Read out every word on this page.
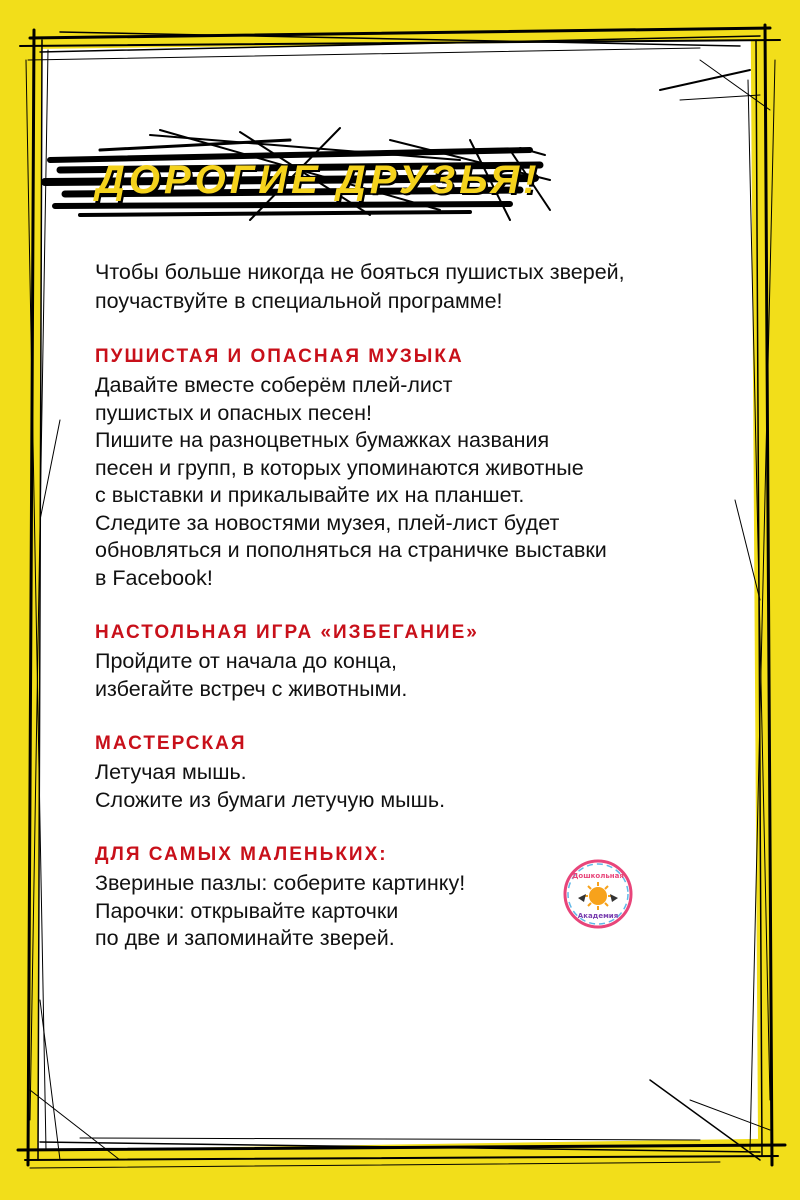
ДОРОГИЕ ДРУЗЬЯ!

Чтобы больше никогда не бояться пушистых зверей, поучаствуйте в специальной программе!

ПУШИСТАЯ И ОПАСНАЯ МУЗЫКА

Давайте вместе соберём плей-лист
пушистых и опасных песен!
Пишите на разноцветных бумажках названия
песен и групп, в которых упоминаются животные
с выставки и прикалывайте их на планшет.
Следите за новостями музея, плей-лист будет
обновляться и пополняться на страничке выставки
в Facebook!

НАСТОЛЬНАЯ ИГРА «ИЗБЕГАНИЕ»

Пройдите от начала до конца,
избегайте встреч с животными.

МАСТЕРСКАЯ

Летучая мышь.
Сложите из бумаги летучую мышь.

ДЛЯ САМЫХ МАЛЕНЬКИХ:

Звериные пазлы: соберите картинку!
Парочки: открывайте карточки
по две и запоминайте зверей.

Дошкольная
Академия
